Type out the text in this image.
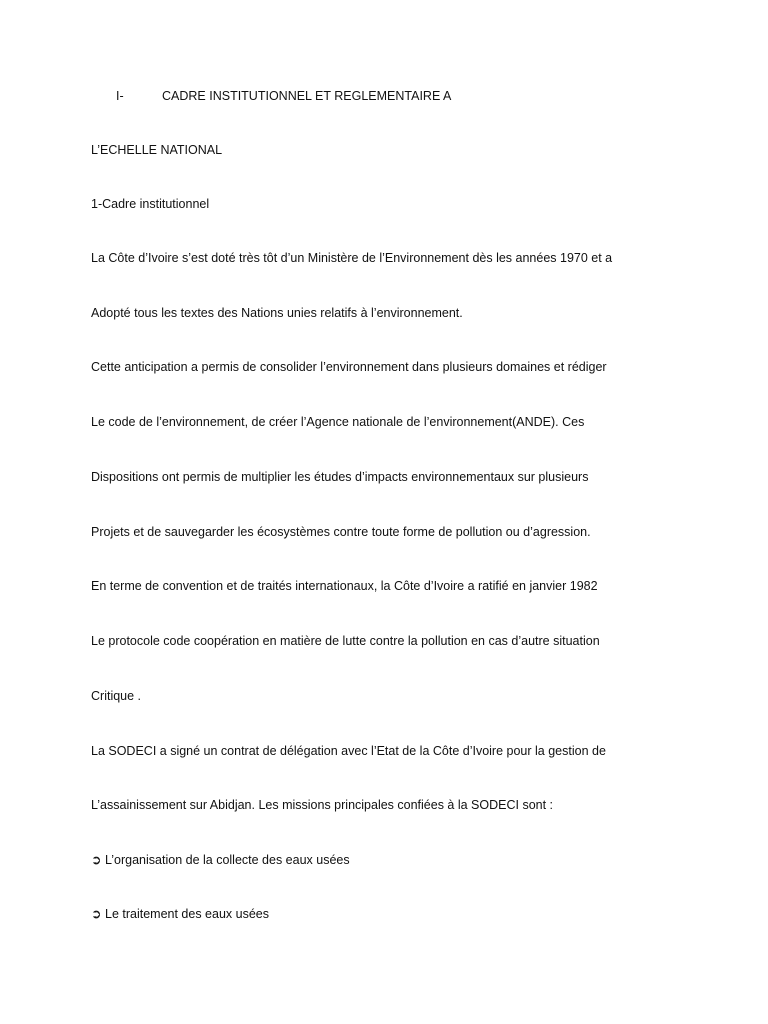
I-	CADRE INSTITUTIONNEL ET REGLEMENTAIRE A
L’ECHELLE NATIONAL
1-Cadre institutionnel
La Côte d’Ivoire s’est doté très tôt d’un Ministère de l’Environnement dès les années 1970 et a
Adopté tous les textes des Nations unies relatifs à l’environnement.
Cette anticipation a permis de consolider l’environnement dans plusieurs domaines et rédiger
Le code de l’environnement, de créer l’Agence nationale de l’environnement(ANDE). Ces
Dispositions ont permis de multiplier les études d’impacts environnementaux sur plusieurs
Projets et de sauvegarder les écosystèmes contre toute forme de pollution ou d’agression.
En terme de convention et de traités internationaux, la Côte d’Ivoire a ratifié en janvier 1982
Le protocole code coopération en matière de lutte contre la pollution en cas d’autre situation
Critique .
La SODECI a signé un contrat de délégation avec l’Etat de la Côte d’Ivoire pour la gestion de
L’assainissement sur Abidjan. Les missions principales confiées à la SODECI sont :
➲ L’organisation de la collecte des eaux usées
➲ Le traitement des eaux usées
